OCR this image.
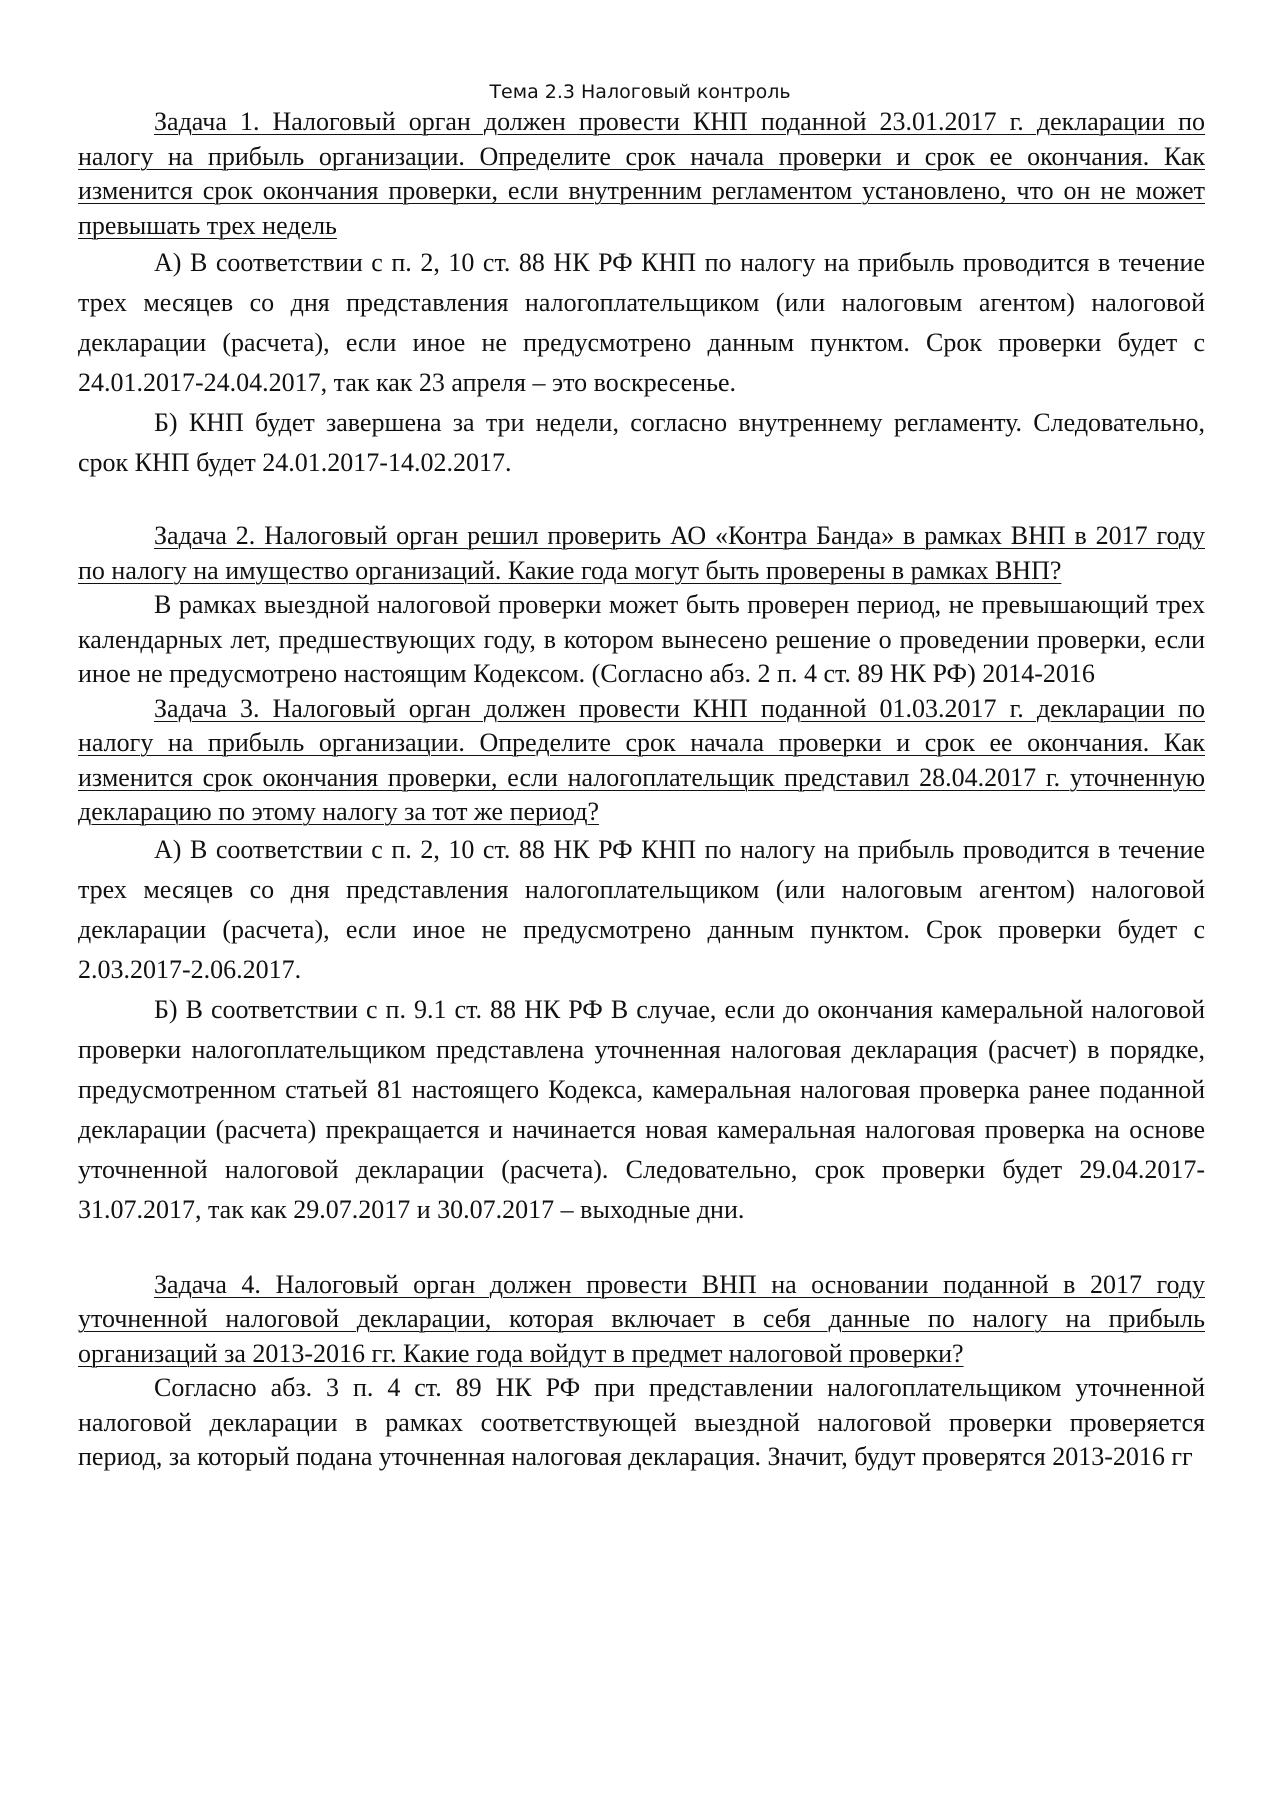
Тема 2.3 Налоговый контроль

Задача 1. Налоговый орган должен провести КНП поданной 23.01.2017 г. декларации по налогу на прибыль организации. Определите срок начала проверки и срок ее окончания. Как изменится срок окончания проверки, если внутренним регламентом установлено, что он не может превышать трех недель

А) В соответствии с п. 2, 10 ст. 88 НК РФ КНП по налогу на прибыль проводится в течение трех месяцев со дня представления налогоплательщиком (или налоговым агентом) налоговой декларации (расчета), если иное не предусмотрено данным пунктом. Срок проверки будет с 24.01.2017-24.04.2017, так как 23 апреля – это воскресенье.

Б) КНП будет завершена за три недели, согласно внутреннему регламенту. Следовательно, срок КНП будет 24.01.2017-14.02.2017.

Задача 2. Налоговый орган решил проверить АО «Контра Банда» в рамках ВНП в 2017 году по налогу на имущество организаций. Какие года могут быть проверены в рамках ВНП?

В рамках выездной налоговой проверки может быть проверен период, не превышающий трех календарных лет, предшествующих году, в котором вынесено решение о проведении проверки, если иное не предусмотрено настоящим Кодексом. (Согласно абз. 2 п. 4 ст. 89 НК РФ) 2014-2016

Задача 3. Налоговый орган должен провести КНП поданной 01.03.2017 г. декларации по налогу на прибыль организации. Определите срок начала проверки и срок ее окончания. Как изменится срок окончания проверки, если налогоплательщик представил 28.04.2017 г. уточненную декларацию по этому налогу за тот же период?

А) В соответствии с п. 2, 10 ст. 88 НК РФ КНП по налогу на прибыль проводится в течение трех месяцев со дня представления налогоплательщиком (или налоговым агентом) налоговой декларации (расчета), если иное не предусмотрено данным пунктом. Срок проверки будет с 2.03.2017-2.06.2017.

Б) В соответствии с п. 9.1 ст. 88 НК РФ В случае, если до окончания камеральной налоговой проверки налогоплательщиком представлена уточненная налоговая декларация (расчет) в порядке, предусмотренном статьей 81 настоящего Кодекса, камеральная налоговая проверка ранее поданной декларации (расчета) прекращается и начинается новая камеральная налоговая проверка на основе уточненной налоговой декларации (расчета). Следовательно, срок проверки будет 29.04.2017-31.07.2017, так как 29.07.2017 и 30.07.2017 – выходные дни.

Задача 4. Налоговый орган должен провести ВНП на основании поданной в 2017 году уточненной налоговой декларации, которая включает в себя данные по налогу на прибыль организаций за 2013-2016 гг. Какие года войдут в предмет налоговой проверки?

Согласно абз. 3 п. 4 ст. 89 НК РФ при представлении налогоплательщиком уточненной налоговой декларации в рамках соответствующей выездной налоговой проверки проверяется период, за который подана уточненная налоговая декларация. Значит, будут проверятся 2013-2016 гг
